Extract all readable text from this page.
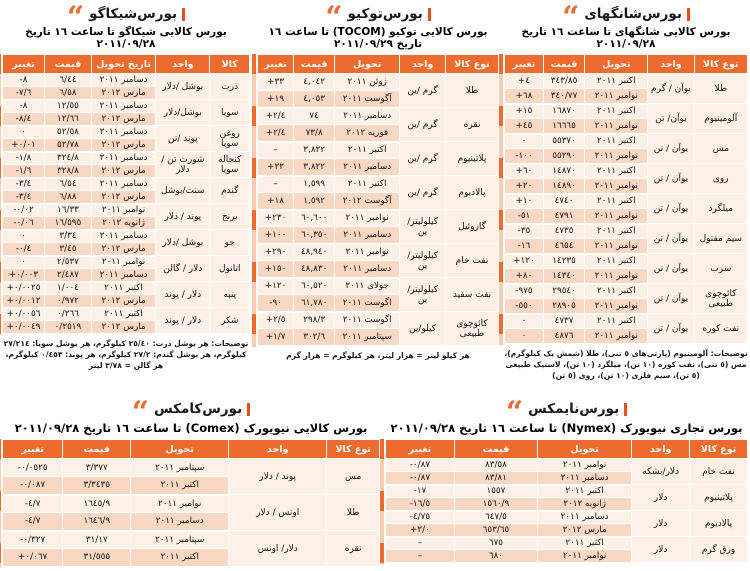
بورس‌شیکاگو
“
بورس کالایی شیکاگو تا ساعت ١٦ تاریخ ٢٠١١/٠٩/٢٨
کالا	واحد	تاریخ تحویل	قیمت	تغییر
ذرت	بوشل /دلار	دسامبر ٢٠١١	٦/٤٤	-٨
		مارس ٢٠١٢	٦/٥٨	-٧/٦
سویا	بوشل/دلار	دسامبر ٢٠١١	١٢/٥٥	-٨
		مارس ٢٠١٢	١٢/٦٦	-٨/٤
روغن سویا	پوند /تن	دسامبر ٢٠١١	٥٢/٥٨	٠
		مارس ٢٠١٢	٥٢/٧٨	+٠/٠١
کنجاله سویا	شورت تن /دلار	دسامبر ٢٠١١	٣٢٤/٨	-١/٨
		مارس ٢٠١٢	٣٢٨/٨	-١/٦
گندم	سنت/بوشل	دسامبر ٢٠١١	٦/٥٤	-٣/٤
		مارس ٢٠١٢	٦/٨٨	-٣/٤
برنج	پوند / دلار	نوامبر ٢٠١١	١٦/٣٣	-٠/٠٢
		ژانویه ٢٠١٢	١٦/٥٩٥	-٠/٠٦
جو	بوشل /دلار	دسامبر ٢٠١١	٣/٣٤	٠
		مارس ٢٠١٢	٣/٤٥	-٠/٤
اتانول	دلار / گالن	نوامبر ٢٠١١	٢/٥٣٧	٠
		دسامبر ٢٠١١	٢/٤٨٧	+٠/٠٠٣
پنبه	دلار / پوند	اکتبر ٢٠١١	١/٠٠٤	+٠/٠٠٢٥
		مارس ٢٠١٢	٠/٩٧٢	+٠/٠٠١٢
شکر	دلار / پوند	اکتبر ٢٠١١	٠/٢٦٦	+٠/٠٠٥٦
		مارس ٢٠١٢	٠/٢٥١٩	+٠/٠٠٤٩
توضیحات: هر بوشل ذرت: ٢٥/٤٠ کیلوگرم، هر بوشل سویا: ٢٧/٢١٤ کیلوگرم، هر بوشل گندم: ٢٧/٢ کیلوگرم، هر پوند: ٠/٤٥٣ کیلوگرم، هر گالن = ٣/٧٨ لیتر
بورس‌توکیو
“
بورس کالایی توکیو (TOCOM) تا ساعت ١٦ تاریخ ٢٠١١/٠٩/٢٩
نوع کالا	واحد	تحویل	قیمت	تغییر
طلا	گرم /ین	ژوئن ٢٠١١	٤,٠٤٢	+٣٣
		آگوست ٢٠١١	٤,٠٥٣	+١٩
نقره	گرم /ین	دسامبر ٢٠١١	٧٤	+٢/٤
		فوریه ٢٠١٢	٧٣/٨	+٢/٤
پلاتینیوم	گرم /ین	اکتبر ٢٠١١	٣,٨٢٢	–
		دسامبر ٢٠١١	٣,٨٢٢	+٢٢
پالادیوم	گرم /ین	اکتبر ٢٠١١	١,٥٩٩	–
		آگوست ٢٠١٢	١,٥٩٢	+١٨
گازوئیل	کیلولیتر/ ین	نوامبر ٢٠١١	٦٠,٦٠٠	+٢٣٠
		دسامبر ٢٠١١	٦٠,٣٥٠	+١٠٠
نفت خام	کیلولیتر/ ین	نوامبر ٢٠١١	٤٨,٩٤٠	+٢٩٠
		دسامبر ٢٠١١	٤٨,٨٣٠	+١٥٠
نفت سفید	کیلولیتر/ ین	جولای ٢٠١١	٦٠,٥٢٠	+١٢٠
		اگوست ٢٠١١	٦١,٧٨٠	-٩٠
کائوچوی طبیعی	کیلو/ین	اگوست ٢٠١١	٢٩٨/٣	+٢/٥
		سپتامبر ٢٠١١	٣٠٢/٦	+١/٧
هر کیلو لیتر = هزار لیتر، هر کیلوگرم = هزار گرم
بورس‌شانگهای
“
بورس کالایی شانگهای تا ساعت ١٦ تاریخ ٢٠١١/٠٩/٢٨
نوع کالا	واحد	تحویل	قیمت	تغییر
طلا	یوآن / گرم	اکتبر ٢٠١١	٣٤٣/٨٥	+٤
		نوامبر ٢٠١١	٣٤٠/٧٧	+٦٨
آلومینیوم	یوآن/ تن	اکتبر ٢٠١١	١٦٨٧٠	+١٥
		نوامبر ٢٠١١	١٦٦٦٥	+٤٥
مس	یوآن / تن	اکتبر ٢٠١١	٥٥٣٧٠	٠
		نوامبر ٢٠١١	٥٥٢٩٠	-١٠٠
روی	یوآن / تن	اکتبر ٢٠١١	١٤٨٧٠	+٦٠
		نوامبر ٢٠١١	١٤٨٩٠	+٢٠
میلگرد	یوآن / تن	اکتبر ٢٠١١	٤٧٤٠	+١٠
		نوامبر ٢٠١١	٤٧٩١	-٥١
سیم مفتول	یوآن / تن	اکتبر ٢٠١١	٤٧٣٥	-٣٥
		نوامبر ٢٠١١	٤٦٥٤	-١٦
سرب	یوآن / تن	اکتبر ٢٠١١	١٤٢٣٥	+١٢٠
		نوامبر ٢٠١١	١٤٣٤٠	+٨٠
کائوچوی طبیعی	یوآن / تن	اکتبر ٢٠١١	٢٩٥٤٠	-٩٧٥
		نوامبر ٢٠١١	٢٨٩٠٥	-٥٥٠
نفت کوره	یوآن / تن	اکتبر ٢٠١١	٤٧٣٧	٠
		نوامبر ٢٠١١	٤٨٧٦	٠
توضیحات: آلومینیوم (پارتی‌های ٥ تنی)، طلا (شمش یک کیلوگرم)، مس (٥ تنی)، نفت کوره (١٠ تن)، میلگرد (١٠ تن)، لاستیک طبیعی (٥ تن)، سیم فلزی (١٠ تن)، روی (٥ تن)
بورس‌کامکس
“
بورس کالایی نیویورک (Comex) تا ساعت ١٦ تاریخ ٢٠١١/٠٩/٢٨
نوع کالا	واحد	تحویل	قیمت	تغییر
مس	پوند / دلار	سپتامبر ٢٠١١	٣/٣٧٧	-٠/٠٥٢٥
		اکتبر ٢٠١١	٣/٣٤٣٥	-٠/٠٨٧
طلا	اونس / دلار	نوامبر ٢٠١١	١٦٤٥/٩	-٤/٧
		دسامبر ٢٠١١	١٦٤٦/٩	-٤/٧
نقره	دلار/ اونس	سپتامبر ٢٠١١	٣١/١٧	-٠/٣٢٧
		اکتبر ٢٠١١	٣١/٥٥٥	+٠/٠٦٧
بورس‌نایمکس
“
بورس تجاری نیویورک (Nymex) تا ساعت ١٦ تاریخ ٢٠١١/٠٩/٢٨
نوع کالا	واحد	تحویل	قیمت	تغییر
نفت خام	دلار/بشکه	نوامبر ٢٠١١	٨٣/٥٨	-٠/٨٧
		دسامبر ٢٠١١	٨٣/٨١	-٠/٨٧
پلاتینیوم	دلار	اکتبر ٢٠١١	١٥٥٧	-١٧
		ژانویه ٢٠١٢	١٥٦٠/٩	-١٦/٥
پالادیوم	دلار	دسامبر ٢٠١١	٦٤٧/٥	-٤/٧٥
		مارس ٢٠١٢	٦٥٣/٦٥	+٢/٠
ورق گرم	دلار	اکتبر ٢٠١١	٦٧٥	–
		نوامبر ٢٠١١	٦٨٠	–
